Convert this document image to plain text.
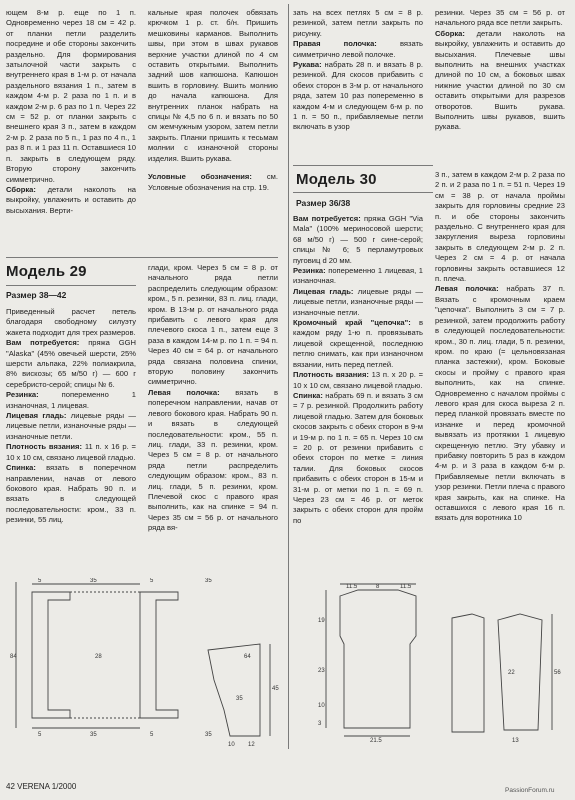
ющем 8-м р. еще по 1 п. Одновременно через 18 см = 42 р. от планки петли разделить посредине и обе стороны закончить раздельно. Для формирования затылочной части закрыть с внутреннего края в 1-м р. от начала раздельного вязания 1 п., затем в каждом 4-м р. 2 раза по 1 п. и в каждом 2-м р. 6 раз по 1 п. Через 22 см = 52 р. от планки закрыть с внешнего края 3 п., затем в каждом 2-м р. 2 раза по 5 п., 1 раз по 4 п., 1 раз 8 п. и 1 раз 11 п. Оставшиеся 10 п. закрыть в следующем ряду. Вторую сторону закончить симметрично.

Сборка: детали наколоть на выкройку, увлажнить и оставить до высыхания. Верти-

кальные края полочек обвязать крючком 1 р. ст. б/н. Пришить мешковины карманов. Выполнить швы, при этом в швах рукавов верхние участки длиной по 4 см оставить открытыми. Выполнить задний шов капюшона. Капюшон вшить в горловину. Вшить молнию до начала капюшона. Для внутренних планок набрать на спицы № 4,5 по 6 п. и вязать по 50 см жемчужным узором, затем петли закрыть. Планки пришить к тесьмам молнии с изнаночной стороны изделия. Вшить рукава.

Условные обозначения: см. Условные обозначения на стр. 19.

зать на всех петлях 5 см = 8 р. резинкой, затем петли закрыть по рисунку.

Правая полочка: вязать симметрично левой полочке.

Рукава: набрать 28 п. и вязать 8 р. резинкой. Для скосов прибавить с обеих сторон в 3-м р. от начального ряда, затем 10 раз попеременно в каждом 4-м и следующем 6-м р. по 1 п. = 50 п., прибавляемые петли включать в узор

резинки. Через 35 см = 56 р. от начального ряда все петли закрыть.

Сборка: детали наколоть на выкройку, увлажнить и оставить до высыхания. Плечевые швы выполнить на внешних участках длиной по 10 см, а боковых швах нижние участки длиной по 30 см оставить открытыми для разрезов отворотов. Вшить рукава. Выполнить швы рукавов, вшить рукава.

Модель 29
Размер 38—42

Приведенный расчет петель благодаря свободному силуэту жакета подходит для трех размеров.

Вам потребуется: пряжа GGH "Alaska" (45% овечьей шерсти, 25% шерсти альпака, 22% полиакрила, 8% вискозы; 65 м/50 г) — 600 г серебристо-серой; спицы № 6.

Резинка: попеременно 1 изнаночная, 1 лицевая.

Лицевая гладь: лицевые ряды — лицевые петли, изнаночные ряды — изнаночные петли.

Плотность вязания: 11 п. x 16 р. = 10 x 10 см, связано лицевой гладью.

Спинка: вязать в поперечном направлении, начав от левого бокового края. Набрать 90 п. и вязать в следующей последовательности: кром., 33 п. резинки, 55 лиц.

глади, кром. Через 5 см = 8 р. от начального ряда петли распределить следующим образом: кром., 5 п. резинки, 83 п. лиц. глади, кром. В 13-м р. от начального ряда прибавить с левого края для плечевого скоса 1 п., затем еще 3 раза в каждом 14-м р. по 1 п. = 94 п. Через 40 см = 64 р. от начального ряда связана половина спинки, вторую половину закончить симметрично.

Левая полочка: вязать в поперечном направлении, начав от левого бокового края. Набрать 90 п. и вязать в следующей последовательности: кром., 55 п. лиц. глади, 33 п. резинки, кром. Через 5 см = 8 р. от начального ряда петли распределить следующим образом: кром., 83 п. лиц. глади, 5 п. резинки, кром. Плечевой скос с правого края выполнить, как на спинке = 94 п. Через 35 см = 56 р. от начального ряда вя-

Модель 30
Размер 36/38

Вам потребуется: пряжа GGH "Via Mala" (100% мериносовой шерсти; 68 м/50 г) — 500 г сине-серой; спицы № 6; 5 перламутровых пуговиц d 20 мм.

Резинка: попеременно 1 лицевая, 1 изнаночная.

Лицевая гладь: лицевые ряды — лицевые петли, изнаночные ряды — изнаночные петли.

Кромочный край "цепочка": в каждом ряду 1-ю п. провязывать лицевой скрещенной, последнюю петлю снимать, как при изнаночном вязании, нить перед петлей.

Плотность вязания: 13 п. x 20 р. = 10 x 10 см, связано лицевой гладью.

Спинка: набрать 69 п. и вязать 3 см = 7 р. резинкой. Продолжить работу лицевой гладью. Затем для боковых скосов закрыть с обеих сторон в 9-м и 19-м р. по 1 п. = 65 п. Через 10 см = 20 р. от резинки прибавить с обеих сторон по метке = линия талии. Для боковых скосов прибавить с обеих сторон в 15-м и 31-м р. от метки по 1 п. = 69 п. Через 23 см = 46 р. от меток закрыть с обеих сторон для пройм по

3 п., затем в каждом 2-м р. 2 раза по 2 п. и 2 раза по 1 п. = 51 п. Через 19 см = 38 р. от начала проймы закрыть для горловины средние 23 п. и обе стороны закончить раздельно. С внутреннего края для закругления выреза горловины закрыть в следующем 2-м р. 2 п. Через 2 см = 4 р. от начала горловины закрыть оставшиеся 12 п. плеча.

Левая полочка: набрать 37 п. Вязать с кромочным краем "цепочка". Выполнить 3 см = 7 р. резинкой, затем продолжить работу в следующей последовательности: кром., 30 п. лиц. глади, 5 п. резинки, кром. по краю (= цельновязаная планка застежки), кром. Боковые скосы и пройму с правого края выполнить, как на спинке. Одновременно с началом проймы с левого края для скоса выреза 2 п. перед планкой провязать вместе по изнанке и перед кромочной вывязать из протяжки 1 лицевую скрещенную петлю. Эту убавку и прибавку повторить 5 раз в каждом 4-м р. и 3 раза в каждом 6-м р. Прибавляемые петли включать в узор резинки. Петли плеча с правого края закрыть, как на спинке. На оставшихся с левого края 16 п. вязать для воротника 10

5	35	5	35
84	28	64
5	35	5	35
45
35
10 12
11.5	8	11.5
19
23
10
3
21.5
22	56
13
42 VERENA 1/2000	PassionForum.ru
